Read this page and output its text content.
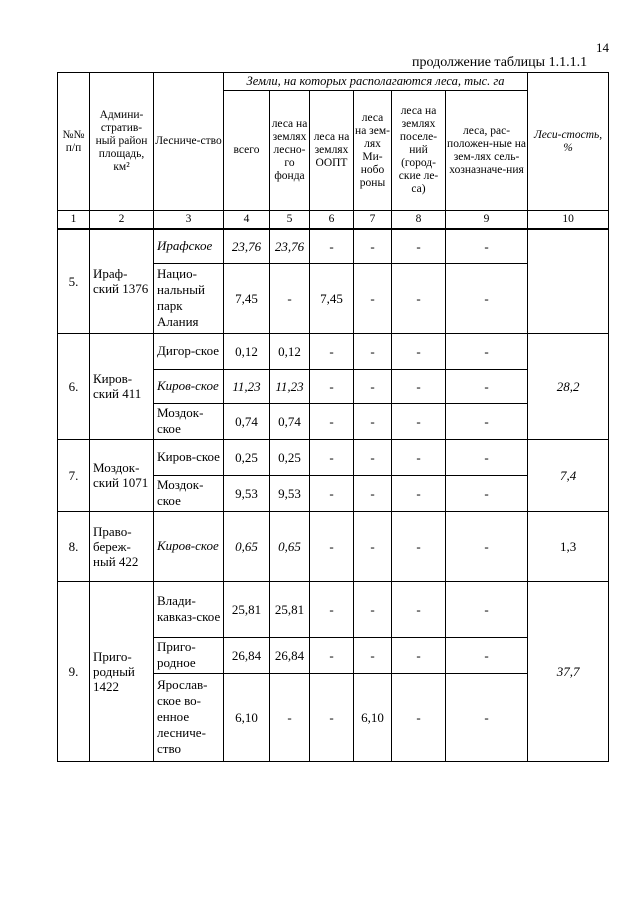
14
продолжение таблицы 1.1.1.1
№№ п/п	Админи-стратив-ный район площадь, км²	Лесниче-ство	Земли, на которых располагаются леса, тыс. га						Леси-стость, %
			всего	леса на землях лесно-го фонда	леса на землях ООПТ	леса на зем-лях Ми-нобо роны	леса на землях поселе-ний (город-ские ле-са)	леса, рас-положен-ные на зем-лях сель-хозназначе-ния	
1	2	3	4	5	6	7	8	9	10
5.	Ираф-ский 1376	Ирафское	23,76	23,76	-	-	-	-	
		Нацио-нальный парк Алания	7,45	-	7,45	-	-	-	
6.	Киров-ский 411	Дигор-ское	0,12	0,12	-	-	-	-	28,2
		Киров-ское	11,23	11,23	-	-	-	-	
		Моздок-ское	0,74	0,74	-	-	-	-	
7.	Моздок-ский 1071	Киров-ское	0,25	0,25	-	-	-	-	7,4
		Моздок-ское	9,53	9,53	-	-	-	-	
8.	Право-береж-ный 422	Киров-ское	0,65	0,65	-	-	-	-	1,3
9.	Приго-родный 1422	Влади-кавказ-ское	25,81	25,81	-	-	-	-	37,7
		Приго-родное	26,84	26,84	-	-	-	-	
		Ярослав-ское во-енное лесниче-ство	6,10	-	-	6,10	-	-	
